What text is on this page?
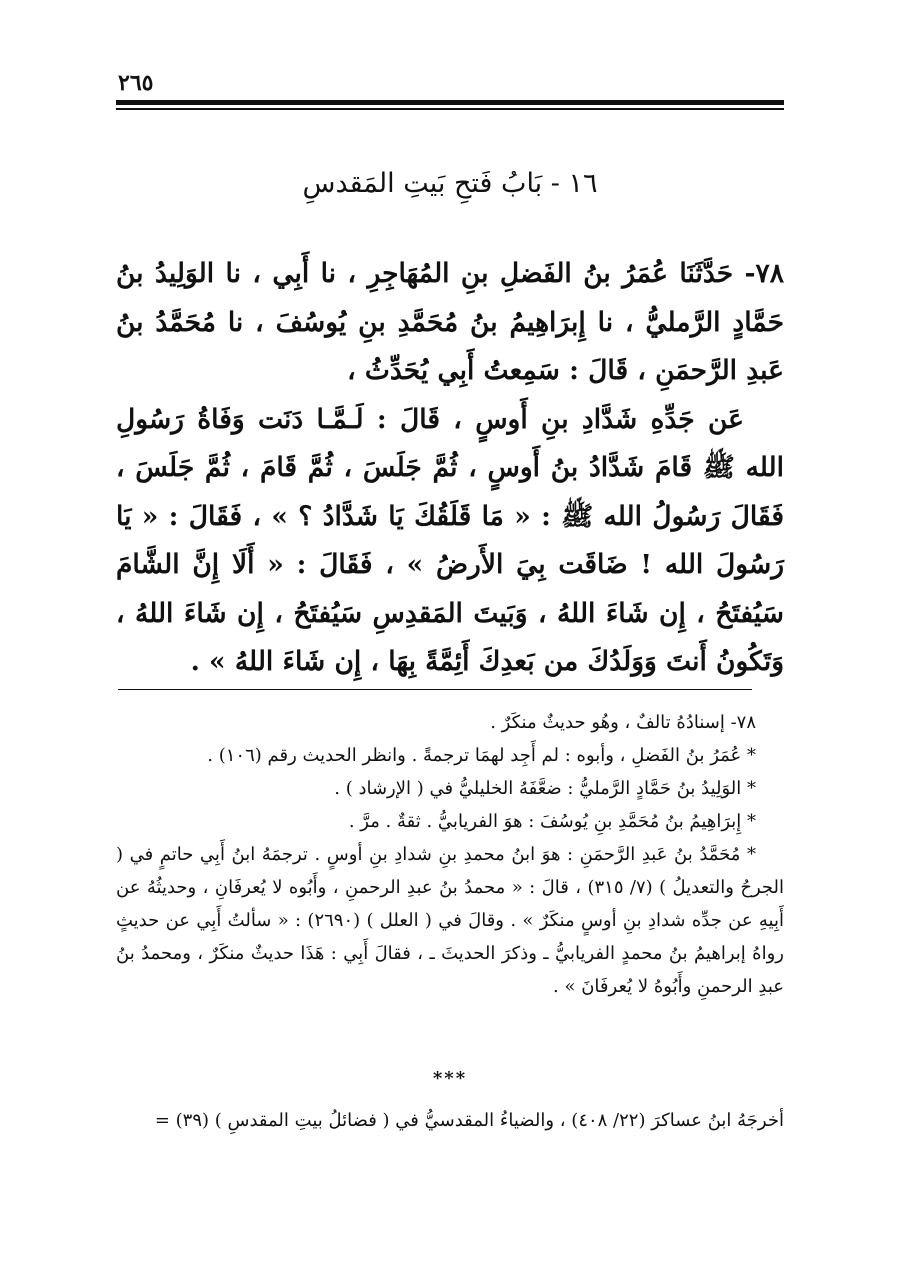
٢٦٥
١٦ - بَابُ فَتحِ بَيتِ المَقدسِ

٧٨- حَدَّثَنَا عُمَرُ بنُ الفَضلِ بنِ المُهَاجِرِ ، نا أَبِي ، نا الوَلِيدُ بنُ حَمَّادٍ الرَّمليُّ ، نا إِبرَاهِيمُ بنُ مُحَمَّدِ بنِ يُوسُفَ ، نا مُحَمَّدُ بنُ عَبدِ الرَّحمَنِ ، قَالَ : سَمِعتُ أَبِي يُحَدِّثُ ،

عَن جَدِّهِ شَدَّادِ بنِ أَوسٍ ، قَالَ : لَـمَّـا دَنَت وَفَاةُ رَسُولِ الله ﷺ قَامَ شَدَّادُ بنُ أَوسٍ ، ثُمَّ جَلَسَ ، ثُمَّ قَامَ ، ثُمَّ جَلَسَ ، فَقَالَ رَسُولُ الله ﷺ : « مَا قَلَقُكَ يَا شَدَّادُ ؟ » ، فَقَالَ : « يَا رَسُولَ الله ! ضَاقَت بِيَ الأَرضُ » ، فَقَالَ : « أَلَا إِنَّ الشَّامَ سَيُفتَحُ ، إِن شَاءَ اللهُ ، وَبَيتَ المَقدِسِ سَيُفتَحُ ، إِن شَاءَ اللهُ ، وَتَكُونُ أَنتَ وَوَلَدُكَ من بَعدِكَ أَئِمَّةً بِهَا ، إِن شَاءَ اللهُ » .

٧٨- إسنادُهُ تالفٌ ، وهُو حديثٌ منكَرٌ .

* عُمَرُ بنُ الفَضلِ ، وأبوه : لم أَجِد لهمَا ترجمةً . وانظر الحديث رقم (١٠٦) .

* الوَلِيدُ بنُ حَمَّادٍ الرَّمليُّ : ضعَّفَهُ الخليليُّ في ( الإرشاد ) .

* إِبرَاهِيمُ بنُ مُحَمَّدِ بنِ يُوسُفَ : هوَ الفريابيُّ . ثقةٌ . مرَّ .

* مُحَمَّدُ بنُ عَبدِ الرَّحمَنِ : هوَ ابنُ محمدِ بنِ شدادِ بنِ أوسٍ . ترجمَهُ ابنُ أَبِي حاتمٍ في ( الجرحُ والتعديلُ ) (٧/ ٣١٥) ، قالَ : « محمدُ بنُ عبدِ الرحمنِ ، وأَبُوه لا يُعرفَانِ ، وحديثُهُ عن أَبِيهِ عن جدِّه شدادِ بنِ أوسٍ منكَرٌ » . وقالَ في ( العلل ) (٢٦٩٠) : « سألتُ أَبِي عن حديثٍ رواهُ إبراهيمُ بنُ محمدٍ الفريابيُّ ـ وذكرَ الحديثَ ـ ، فقالَ أَبِي : هَذَا حديثٌ منكَرٌ ، ومحمدُ بنُ عبدِ الرحمنِ وأَبُوهُ لا يُعرفَانَ » .

***
أخرجَهُ ابنُ عساكرَ (٢٢/ ٤٠٨) ، والضياءُ المقدسيُّ في ( فضائلُ بيتِ المقدسِ ) (٣٩) =
